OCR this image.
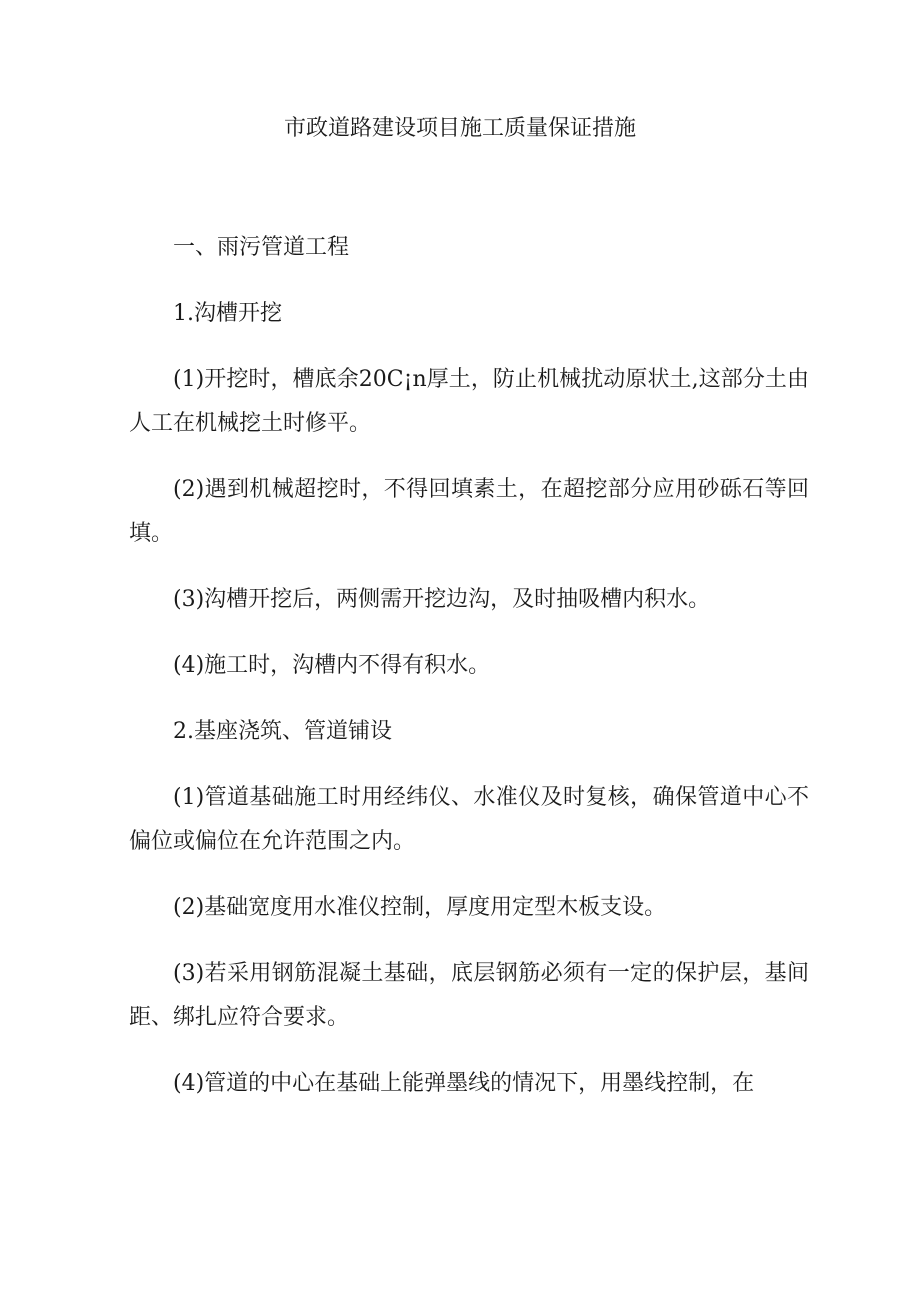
市政道路建设项目施工质量保证措施

一、雨污管道工程

1.沟槽开挖

(1)开挖时，槽底余20C¡n厚土，防止机械扰动原状土,这部分土由人工在机械挖土时修平。

(2)遇到机械超挖时，不得回填素土，在超挖部分应用砂砾石等回填。

(3)沟槽开挖后，两侧需开挖边沟，及时抽吸槽内积水。

(4)施工时，沟槽内不得有积水。

2.基座浇筑、管道铺设

(1)管道基础施工时用经纬仪、水准仪及时复核，确保管道中心不偏位或偏位在允许范围之内。

(2)基础宽度用水准仪控制，厚度用定型木板支设。

(3)若采用钢筋混凝土基础，底层钢筋必须有一定的保护层，基间距、绑扎应符合要求。

(4)管道的中心在基础上能弹墨线的情况下，用墨线控制，在
